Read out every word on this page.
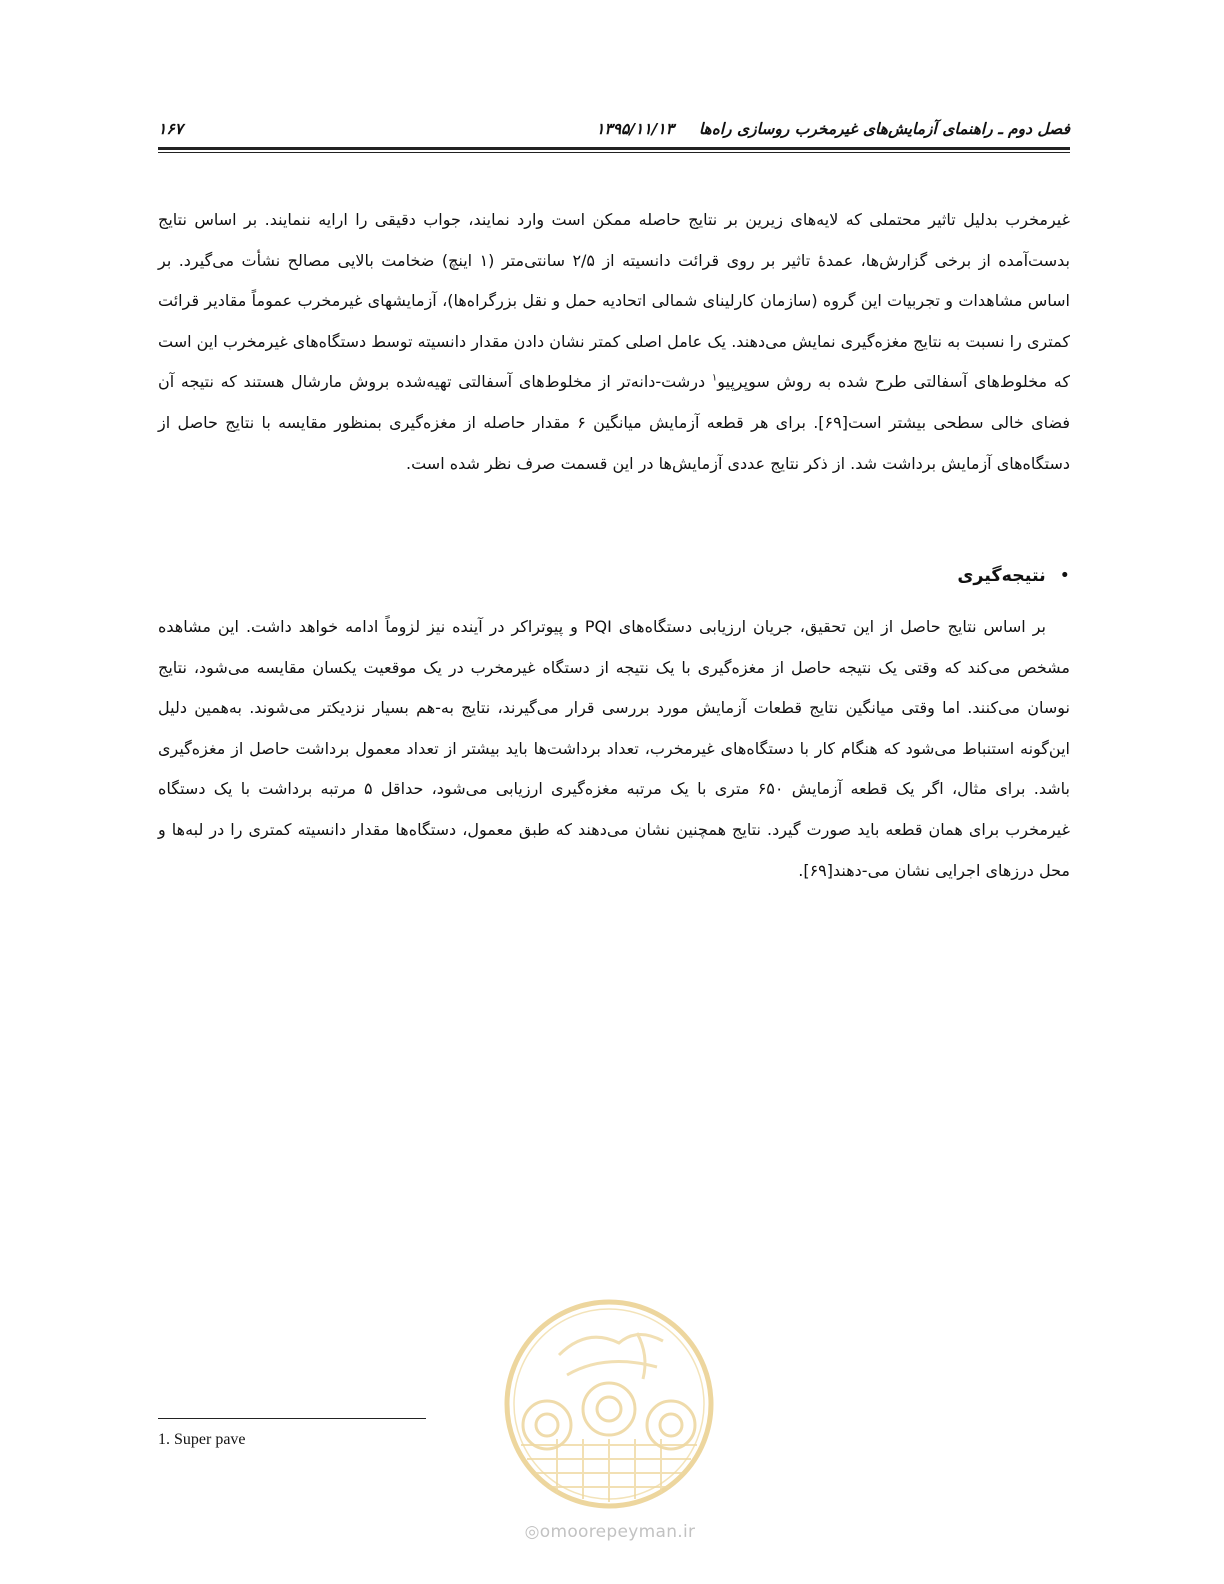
فصل دوم ـ راهنمای آزمایش‌های غیرمخرب روسازی راه‌ها
۱۳۹۵/۱۱/۱۳
۱۶۷
غیرمخرب بدلیل تاثیر محتملی که لایه‌های زیرین بر نتایج حاصله ممکن است وارد نمایند، جواب دقیقی را ارایه ننمایند. بر اساس نتایج بدست‌آمده از برخی گزارش‌ها، عمدهٔ تاثیر بر روی قرائت دانسیته از ۲/۵ سانتی‌متر (۱ اینچ) ضخامت بالایی مصالح نشأت می‌گیرد. بر اساس مشاهدات و تجربیات این گروه (سازمان کارلینای شمالی اتحادیه حمل و نقل بزرگراه‌ها)، آزمایشهای غیرمخرب عموماً مقادیر قرائت کمتری را نسبت به نتایج مغزه‌گیری نمایش می‌دهند. یک عامل اصلی کمتر نشان دادن مقدار دانسیته توسط دستگاه‌های غیرمخرب این است که مخلوط‌های آسفالتی طرح شده به روش سوپرپیو$^۱$ درشت-دانه‌تر از مخلوط‌های آسفالتی تهیه‌شده بروش مارشال هستند که نتیجه آن فضای خالی سطحی بیشتر است[۶۹]. برای هر قطعه آزمایش میانگین ۶ مقدار حاصله از مغزه‌گیری بمنظور مقایسه با نتایج حاصل از دستگاه‌های آزمایش برداشت شد. از ذکر نتایج عددی آزمایش‌ها در این قسمت صرف نظر شده است.
•نتیجه‌گیری
بر اساس نتایج حاصل از این تحقیق، جریان ارزیابی دستگاه‌های PQI و پیوتراکر در آینده نیز لزوماً ادامه خواهد داشت. این مشاهده مشخص می‌کند که وقتی یک نتیجه حاصل از مغزه‌گیری با یک نتیجه از دستگاه غیرمخرب در یک موقعیت یکسان مقایسه می‌شود، نتایج نوسان می‌کنند. اما وقتی میانگین نتایج قطعات آزمایش مورد بررسی قرار می‌گیرند، نتایج به-هم بسیار نزدیکتر می‌شوند. به‌همین دلیل این‌گونه استنباط می‌شود که هنگام کار با دستگاه‌های غیرمخرب، تعداد برداشت‌ها باید بیشتر از تعداد معمول برداشت حاصل از مغزه‌گیری باشد. برای مثال، اگر یک قطعه آزمایش ۶۵۰ متری با یک مرتبه مغزه‌گیری ارزیابی می‌شود، حداقل ۵ مرتبه برداشت با یک دستگاه غیرمخرب برای همان قطعه باید صورت گیرد. نتایج همچنین نشان می‌دهند که طبق معمول، دستگاه‌ها مقدار دانسیته کمتری را در لبه‌ها و محل درزهای اجرایی نشان می-دهند[۶۹].
1. Super pave
◎omoorepeyman.ir
